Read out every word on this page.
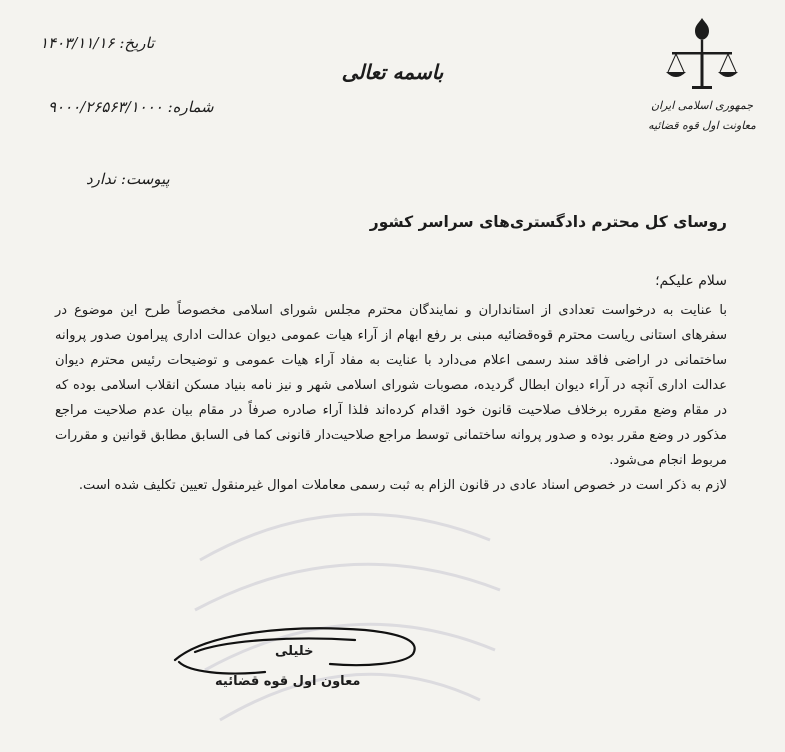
جمهوری اسلامی ایران
معاونت اول قوه قضائیه
باسمه تعالی
تاریخ: ۱۴۰۳/۱۱/۱۶
شماره: ۹۰۰۰/۲۶۵۶۳/۱۰۰۰
پیوست: ندارد
روسای کل محترم دادگستری‌های سراسر کشور
سلام علیکم؛

با عنایت به درخواست تعدادی از استانداران و نمایندگان محترم مجلس شورای اسلامی مخصوصاً طرح این موضوع در سفرهای استانی ریاست محترم قوه‌قضائیه مبنی بر رفع ابهام از آراء هیات عمومی دیوان عدالت اداری پیرامون صدور پروانه ساختمانی در اراضی فاقد سند رسمی اعلام می‌دارد با عنایت به مفاد آراء هیات عمومی و توضیحات رئیس محترم دیوان عدالت اداری آنچه در آراء دیوان ابطال گردیده، مصوبات شورای اسلامی شهر و نیز نامه بنیاد مسکن انقلاب اسلامی بوده که در مقام وضع مقرره برخلاف صلاحیت قانون خود اقدام کرده‌اند فلذا آراء صادره صرفاً در مقام بیان عدم صلاحیت مراجع مذکور در وضع مقرر بوده و صدور پروانه ساختمانی توسط مراجع صلاحیت‌دار قانونی کما فی السابق مطابق قوانین و مقررات مربوط انجام می‌شود.

لازم به ذکر است در خصوص اسناد عادی در قانون الزام به ثبت رسمی معاملات اموال غیرمنقول تعیین تکلیف شده است.

خلیلی
معاون اول قوه قضائیه
